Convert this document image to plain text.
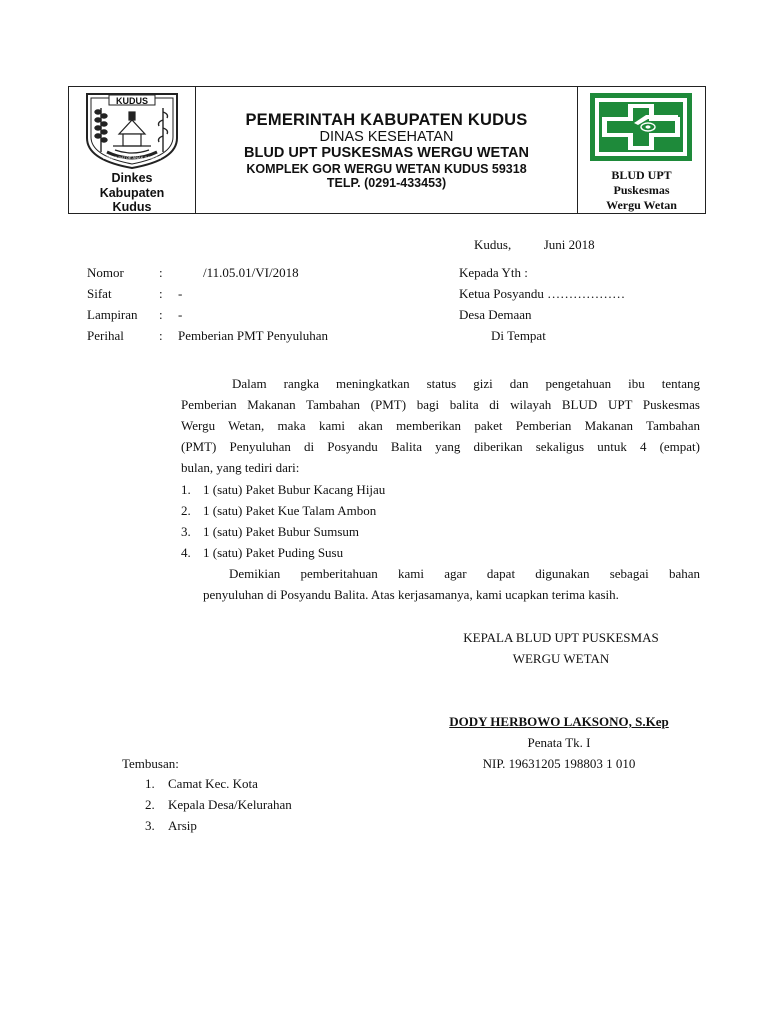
KUDUS
SOEDJI BATOE ANAK BANGSA
Dinkes
Kabupaten
Kudus
PEMERINTAH KABUPATEN KUDUS
DINAS KESEHATAN
BLUD UPT PUSKESMAS WERGU WETAN
KOMPLEK GOR WERGU WETAN KUDUS 59318
TELP. (0291-433453)
BLUD UPT
Puskesmas
Wergu Wetan
Kudus,	Juni 2018
Nomor	:	/11.05.01/VI/2018
Sifat	: -
Lampiran : -
Perihal	: Pemberian PMT Penyuluhan
Kepada Yth :
Ketua Posyandu ………………
Desa Demaan
Di Tempat
Dalam rangka meningkatkan status gizi dan pengetahuan ibu tentang
Pemberian Makanan Tambahan (PMT) bagi balita di wilayah BLUD UPT Puskesmas
Wergu Wetan, maka kami akan memberikan paket Pemberian Makanan Tambahan
(PMT) Penyuluhan di Posyandu Balita yang diberikan sekaligus untuk 4 (empat)
bulan, yang tediri dari:
1. 1 (satu) Paket Bubur Kacang Hijau
2. 1 (satu) Paket Kue Talam Ambon
3. 1 (satu) Paket Bubur Sumsum
4. 1 (satu) Paket Puding Susu
Demikian pemberitahuan kami agar dapat digunakan sebagai bahan
penyuluhan di Posyandu Balita. Atas kerjasamanya, kami ucapkan terima kasih.
KEPALA BLUD UPT PUSKESMAS
WERGU WETAN
DODY HERBOWO LAKSONO, S.Kep
Penata Tk. I
NIP. 19631205 198803 1 010
Tembusan:
1. Camat Kec. Kota
2. Kepala Desa/Kelurahan
3. Arsip
